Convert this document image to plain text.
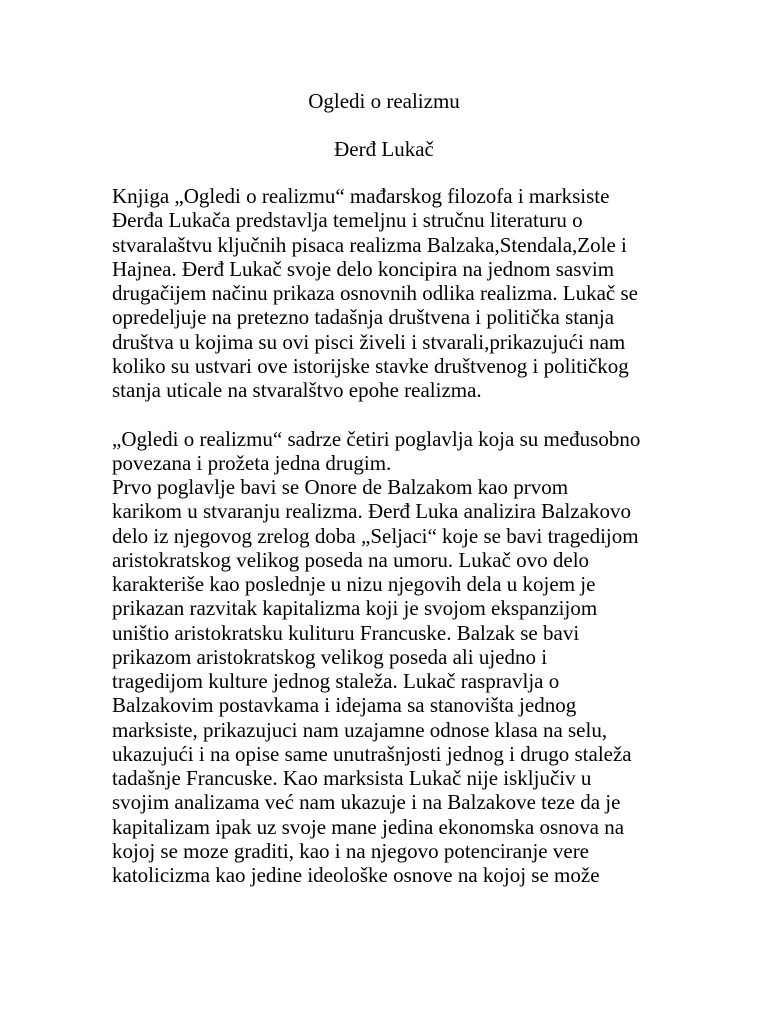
Ogledi o realizmu
Đerđ Lukač
Knjiga „Ogledi o realizmu“ mađarskog filozofa i marksiste
Đerđa Lukača predstavlja temeljnu i stručnu literaturu o
stvaralaštvu ključnih pisaca realizma Balzaka,Stendala,Zole i
Hajnea. Đerđ Lukač svoje delo koncipira na jednom sasvim
drugačijem načinu prikaza osnovnih odlika realizma. Lukač se
opredeljuje na pretezno tadašnja društvena i politička stanja
društva u kojima su ovi pisci živeli i stvarali,prikazujući nam
koliko su ustvari ove istorijske stavke društvenog i političkog
stanja uticale na stvaralštvo epohe realizma.
„Ogledi o realizmu“ sadrze četiri poglavlja koja su međusobno
povezana i prožeta jedna drugim.
Prvo poglavlje bavi se Onore de Balzakom kao prvom
karikom u stvaranju realizma. Đerđ Luka analizira Balzakovo
delo iz njegovog zrelog doba „Seljaci“ koje se bavi tragedijom
aristokratskog velikog poseda na umoru. Lukač ovo delo
karakteriše kao poslednje u nizu njegovih dela u kojem je
prikazan razvitak kapitalizma koji je svojom ekspanzijom
uništio aristokratsku kulituru Francuske. Balzak se bavi
prikazom aristokratskog velikog poseda ali ujedno i
tragedijom kulture jednog staleža. Lukač raspravlja o
Balzakovim postavkama i idejama sa stanovišta jednog
marksiste, prikazujuci nam uzajamne odnose klasa na selu,
ukazujući i na opise same unutrašnjosti jednog i drugo staleža
tadašnje Francuske. Kao marksista Lukač nije isključiv u
svojim analizama već nam ukazuje i na Balzakove teze da je
kapitalizam ipak uz svoje mane jedina ekonomska osnova na
kojoj se moze graditi, kao i na njegovo potenciranje vere
katolicizma kao jedine ideološke osnove na kojoj se može
